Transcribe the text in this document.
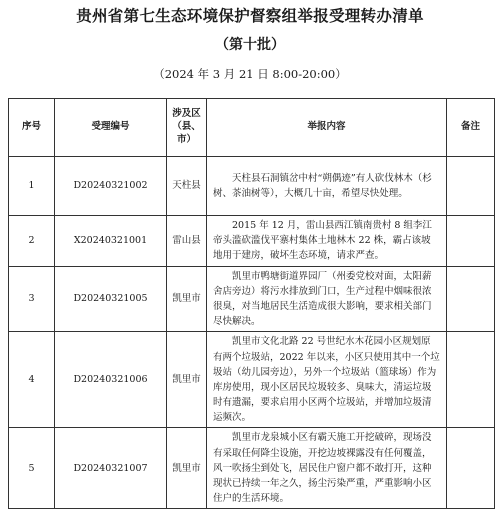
贵州省第七生态环境保护督察组举报受理转办清单
（第十批）
（2024 年 3 月 21 日 8:00-20:00）
序号	受理编号	涉及区（县、市）	举报内容	备注
1	D20240321002	天柱县	天柱县石洞镇岔中村“朔偶迹”有人砍伐林木（杉树、茶油树等），大概几十亩，希望尽快处理。	
2	X20240321001	雷山县	2015 年 12 月，雷山县西江镇南贵村 8 组李江帝头滥砍滥伐平寨村集体土地林木 22 株，霸占该坡地用于建房，破坏生态环境，请求严查。	
3	D20240321005	凯里市	凯里市鸭塘街道界园厂（州委党校对面，太阳薪舍店旁边）将污水排放到门口，生产过程中烟味很浓很臭，对当地居民生活造成很大影响，要求相关部门尽快解决。	
4	D20240321006	凯里市	凯里市文化北路 22 号世纪水木花园小区规划原有两个垃圾站，2022 年以来，小区只使用其中一个垃圾站（幼儿园旁边），另外一个垃圾站（篮球场）作为库房使用，现小区居民垃圾较多、臭味大，清运垃圾时有遗漏，要求启用小区两个垃圾站，并增加垃圾清运频次。	
5	D20240321007	凯里市	凯里市龙泉城小区有霸天施工开挖破碎，现场没有采取任何降尘设施，开挖边坡裸露没有任何覆盖，风一吹扬尘到处飞，居民住户窗户都不敢打开，这种现状已持续一年之久，扬尘污染严重，严重影响小区住户的生活环境。	
